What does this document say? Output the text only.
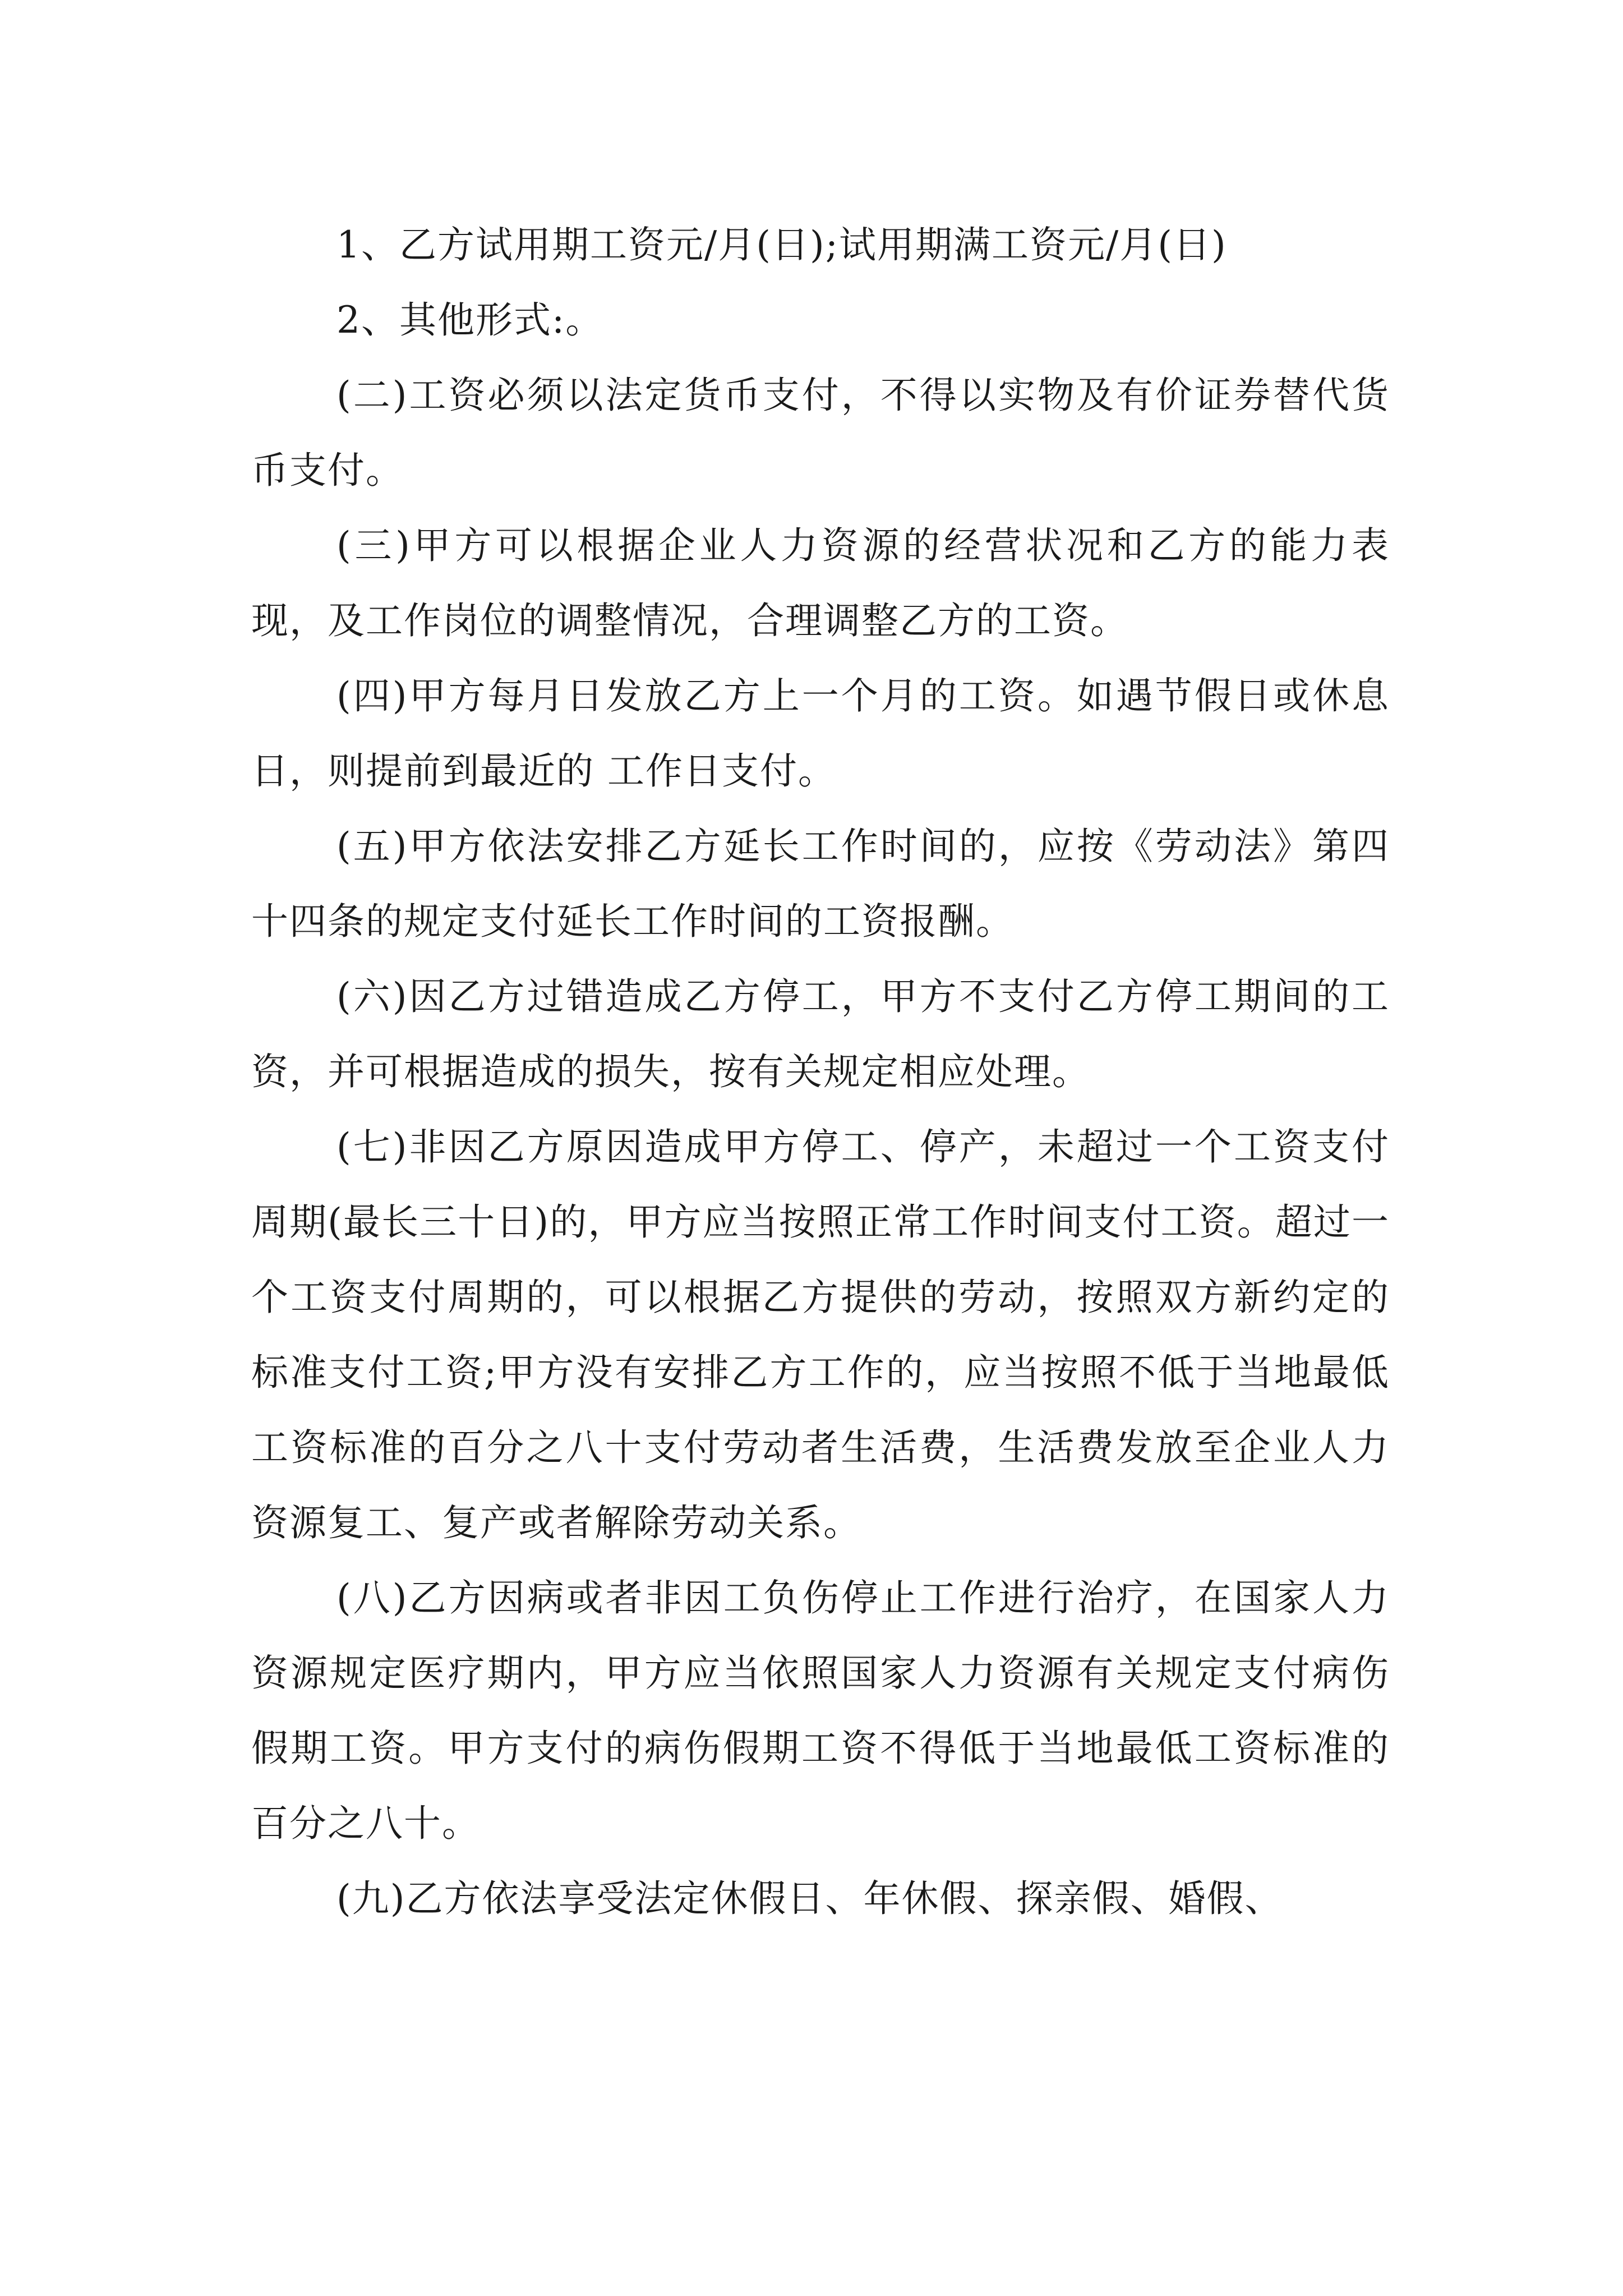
1、乙方试用期工资元/月(日);试用期满工资元/月(日)

2、其他形式:。

(二)工资必须以法定货币支付，不得以实物及有价证券替代货币支付。

(三)甲方可以根据企业人力资源的经营状况和乙方的能力表现，及工作岗位的调整情况，合理调整乙方的工资。

(四)甲方每月日发放乙方上一个月的工资。如遇节假日或休息日，则提前到最近的 工作日支付。

(五)甲方依法安排乙方延长工作时间的，应按《劳动法》第四十四条的规定支付延长工作时间的工资报酬。

(六)因乙方过错造成乙方停工，甲方不支付乙方停工期间的工资，并可根据造成的损失，按有关规定相应处理。

(七)非因乙方原因造成甲方停工、停产，未超过一个工资支付周期(最长三十日)的，甲方应当按照正常工作时间支付工资。超过一个工资支付周期的，可以根据乙方提供的劳动，按照双方新约定的标准支付工资;甲方没有安排乙方工作的，应当按照不低于当地最低工资标准的百分之八十支付劳动者生活费，生活费发放至企业人力资源复工、复产或者解除劳动关系。

(八)乙方因病或者非因工负伤停止工作进行治疗，在国家人力资源规定医疗期内，甲方应当依照国家人力资源有关规定支付病伤假期工资。甲方支付的病伤假期工资不得低于当地最低工资标准的百分之八十。

(九)乙方依法享受法定休假日、年休假、探亲假、婚假、
